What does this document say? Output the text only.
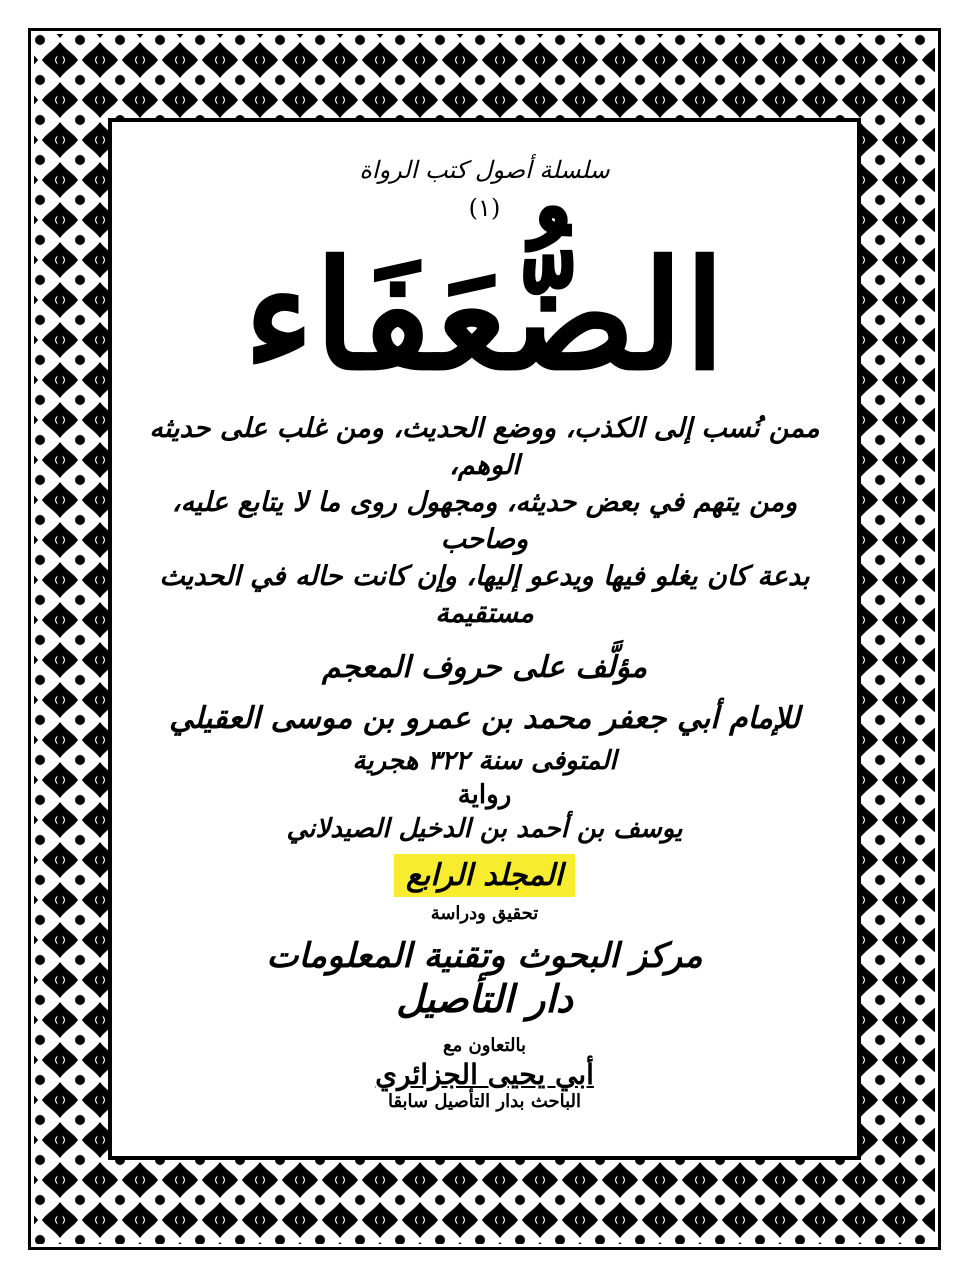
سلسلة أصول كتب الرواة
(١)
الضُّعَفَاء

ممن نُسب إلى الكذب، ووضع الحديث، ومن غلب على حديثه الوهم،

ومن يتهم في بعض حديثه، ومجهول روى ما لا يتابع عليه، وصاحب

بدعة كان يغلو فيها ويدعو إليها، وإن كانت حاله في الحديث مستقيمة

مؤلَّف على حروف المعجم
للإمام أبي جعفر محمد بن عمرو بن موسى العقيلي
المتوفى سنة ٣٢٢ هجرية
رواية
يوسف بن أحمد بن الدخيل الصيدلاني
المجلد الرابع
تحقيق ودراسة
مركز البحوث وتقنية المعلومات
دار التأصيل
بالتعاون مع
أبي يحيى الجزائري
الباحث بدار التأصيل سابقا
